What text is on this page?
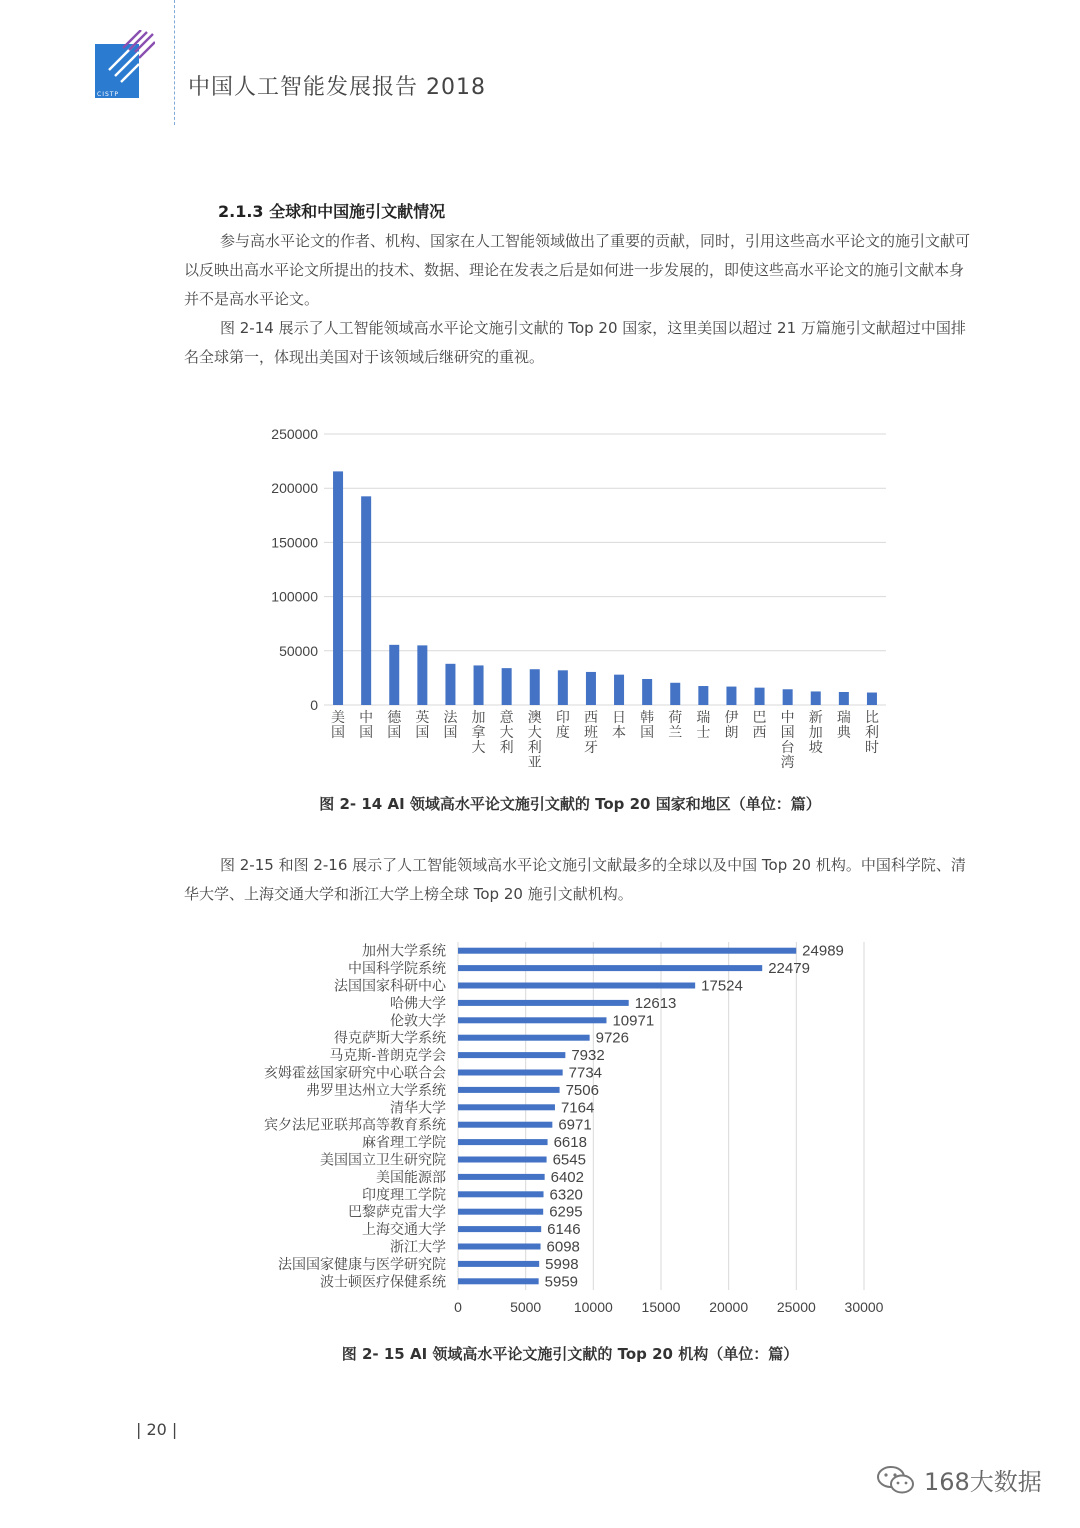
CISTP	中国人工智能发展报告 2018
2.1.3 全球和中国施引文献情况
参与高水平论文的作者、机构、国家在人工智能领域做出了重要的贡献，同时，引用这些高水平论文的施引文献可以反映出高水平论文所提出的技术、数据、理论在发表之后是如何进一步发展的，即使这些高水平论文的施引文献本身并不是高水平论文。
图 2-14 展示了人工智能领域高水平论文施引文献的 Top 20 国家，这里美国以超过 21 万篇施引文献超过中国排名全球第一，体现出美国对于该领域后继研究的重视。
250000
200000
150000
100000
50000
0
美国
中国
德国
英国
法国
加拿大
意大利
澳大利亚
印度
西班牙
日本
韩国
荷兰
瑞士
伊朗
巴西
中国台湾
新加坡
瑞典
比利时
图 2- 14 AI 领域高水平论文施引文献的 Top 20 国家和地区（单位：篇）
图 2-15 和图 2-16 展示了人工智能领域高水平论文施引文献最多的全球以及中国 Top 20 机构。中国科学院、清华大学、上海交通大学和浙江大学上榜全球 Top 20 施引文献机构。
0	5000 10000 15000 20000 25000 30000
加州大学系统	24989
中国科学院系统	22479
法国国家科研中心	17524
哈佛大学	12613
伦敦大学	10971
得克萨斯大学系统	9726
马克斯-普朗克学会	7932
亥姆霍兹国家研究中心联合会	7734
弗罗里达州立大学系统	7506
清华大学	7164
宾夕法尼亚联邦高等教育系统	6971
麻省理工学院	6618
美国国立卫生研究院	6545
美国能源部	6402
印度理工学院	6320
巴黎萨克雷大学	6295
上海交通大学	6146
浙江大学	6098
法国国家健康与医学研究院	5998
波士顿医疗保健系统	5959
图 2- 15 AI 领域高水平论文施引文献的 Top 20 机构（单位：篇）
| 20 |
168大数据
